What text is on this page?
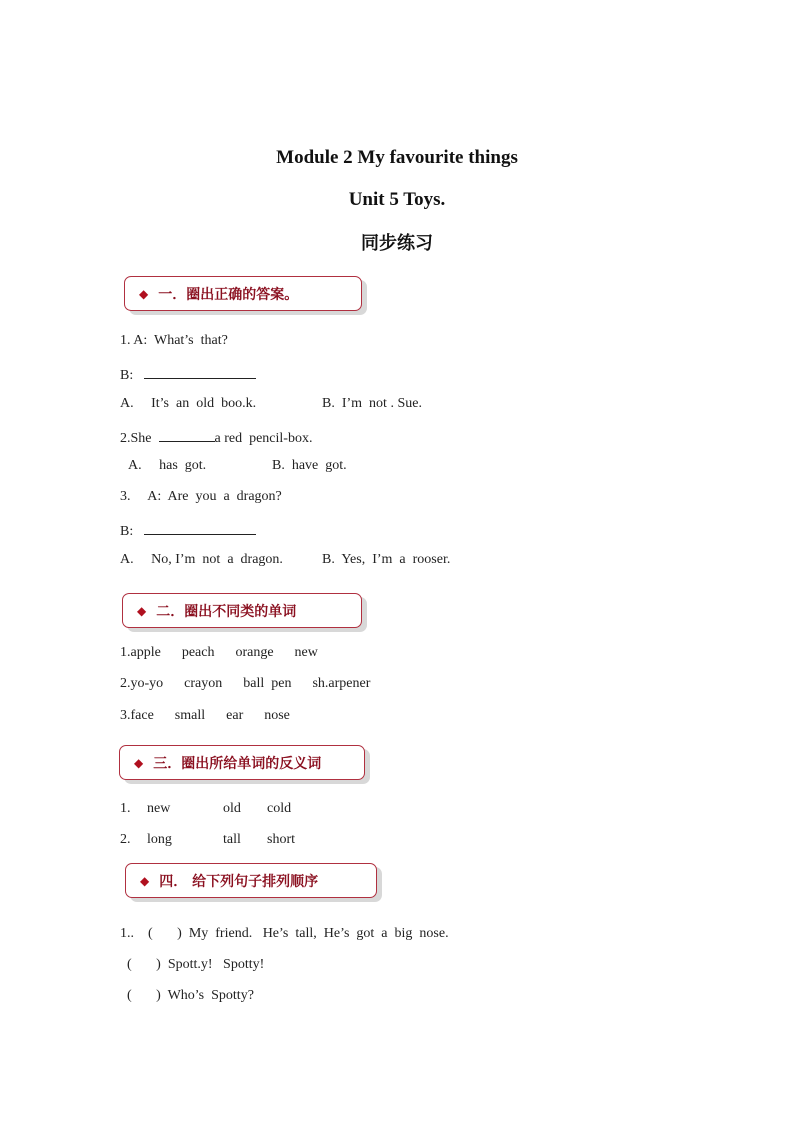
Module 2 My favourite things
Unit 5 Toys.
同步练习
◆ 一．圈出正确的答案。
1. A:  What’s  that?
B:
A.     It’s  an  old  boo.k.	B.  I’m  not . Sue.
2.She	a red  pencil-box.
A.     has  got.	B.  have  got.
3.     A:  Are  you  a  dragon?
B:
A.     No, I’m  not  a  dragon.	B.  Yes,  I’m  a  rooser.
◆ 二．圈出不同类的单词
1.apple      peach      orange      new
2.yo-yo      crayon      ball  pen      sh.arpener
3.face      small      ear      nose
◆ 三．圈出所给单词的反义词
1. new	old cold
2. long	tall short
◆ 四． 给下列句子排列顺序
1..    (       )  My  friend.   He’s  tall,  He’s  got  a  big  nose.
(       )  Spott.y!   Spotty!
(       )  Who’s  Spotty?
